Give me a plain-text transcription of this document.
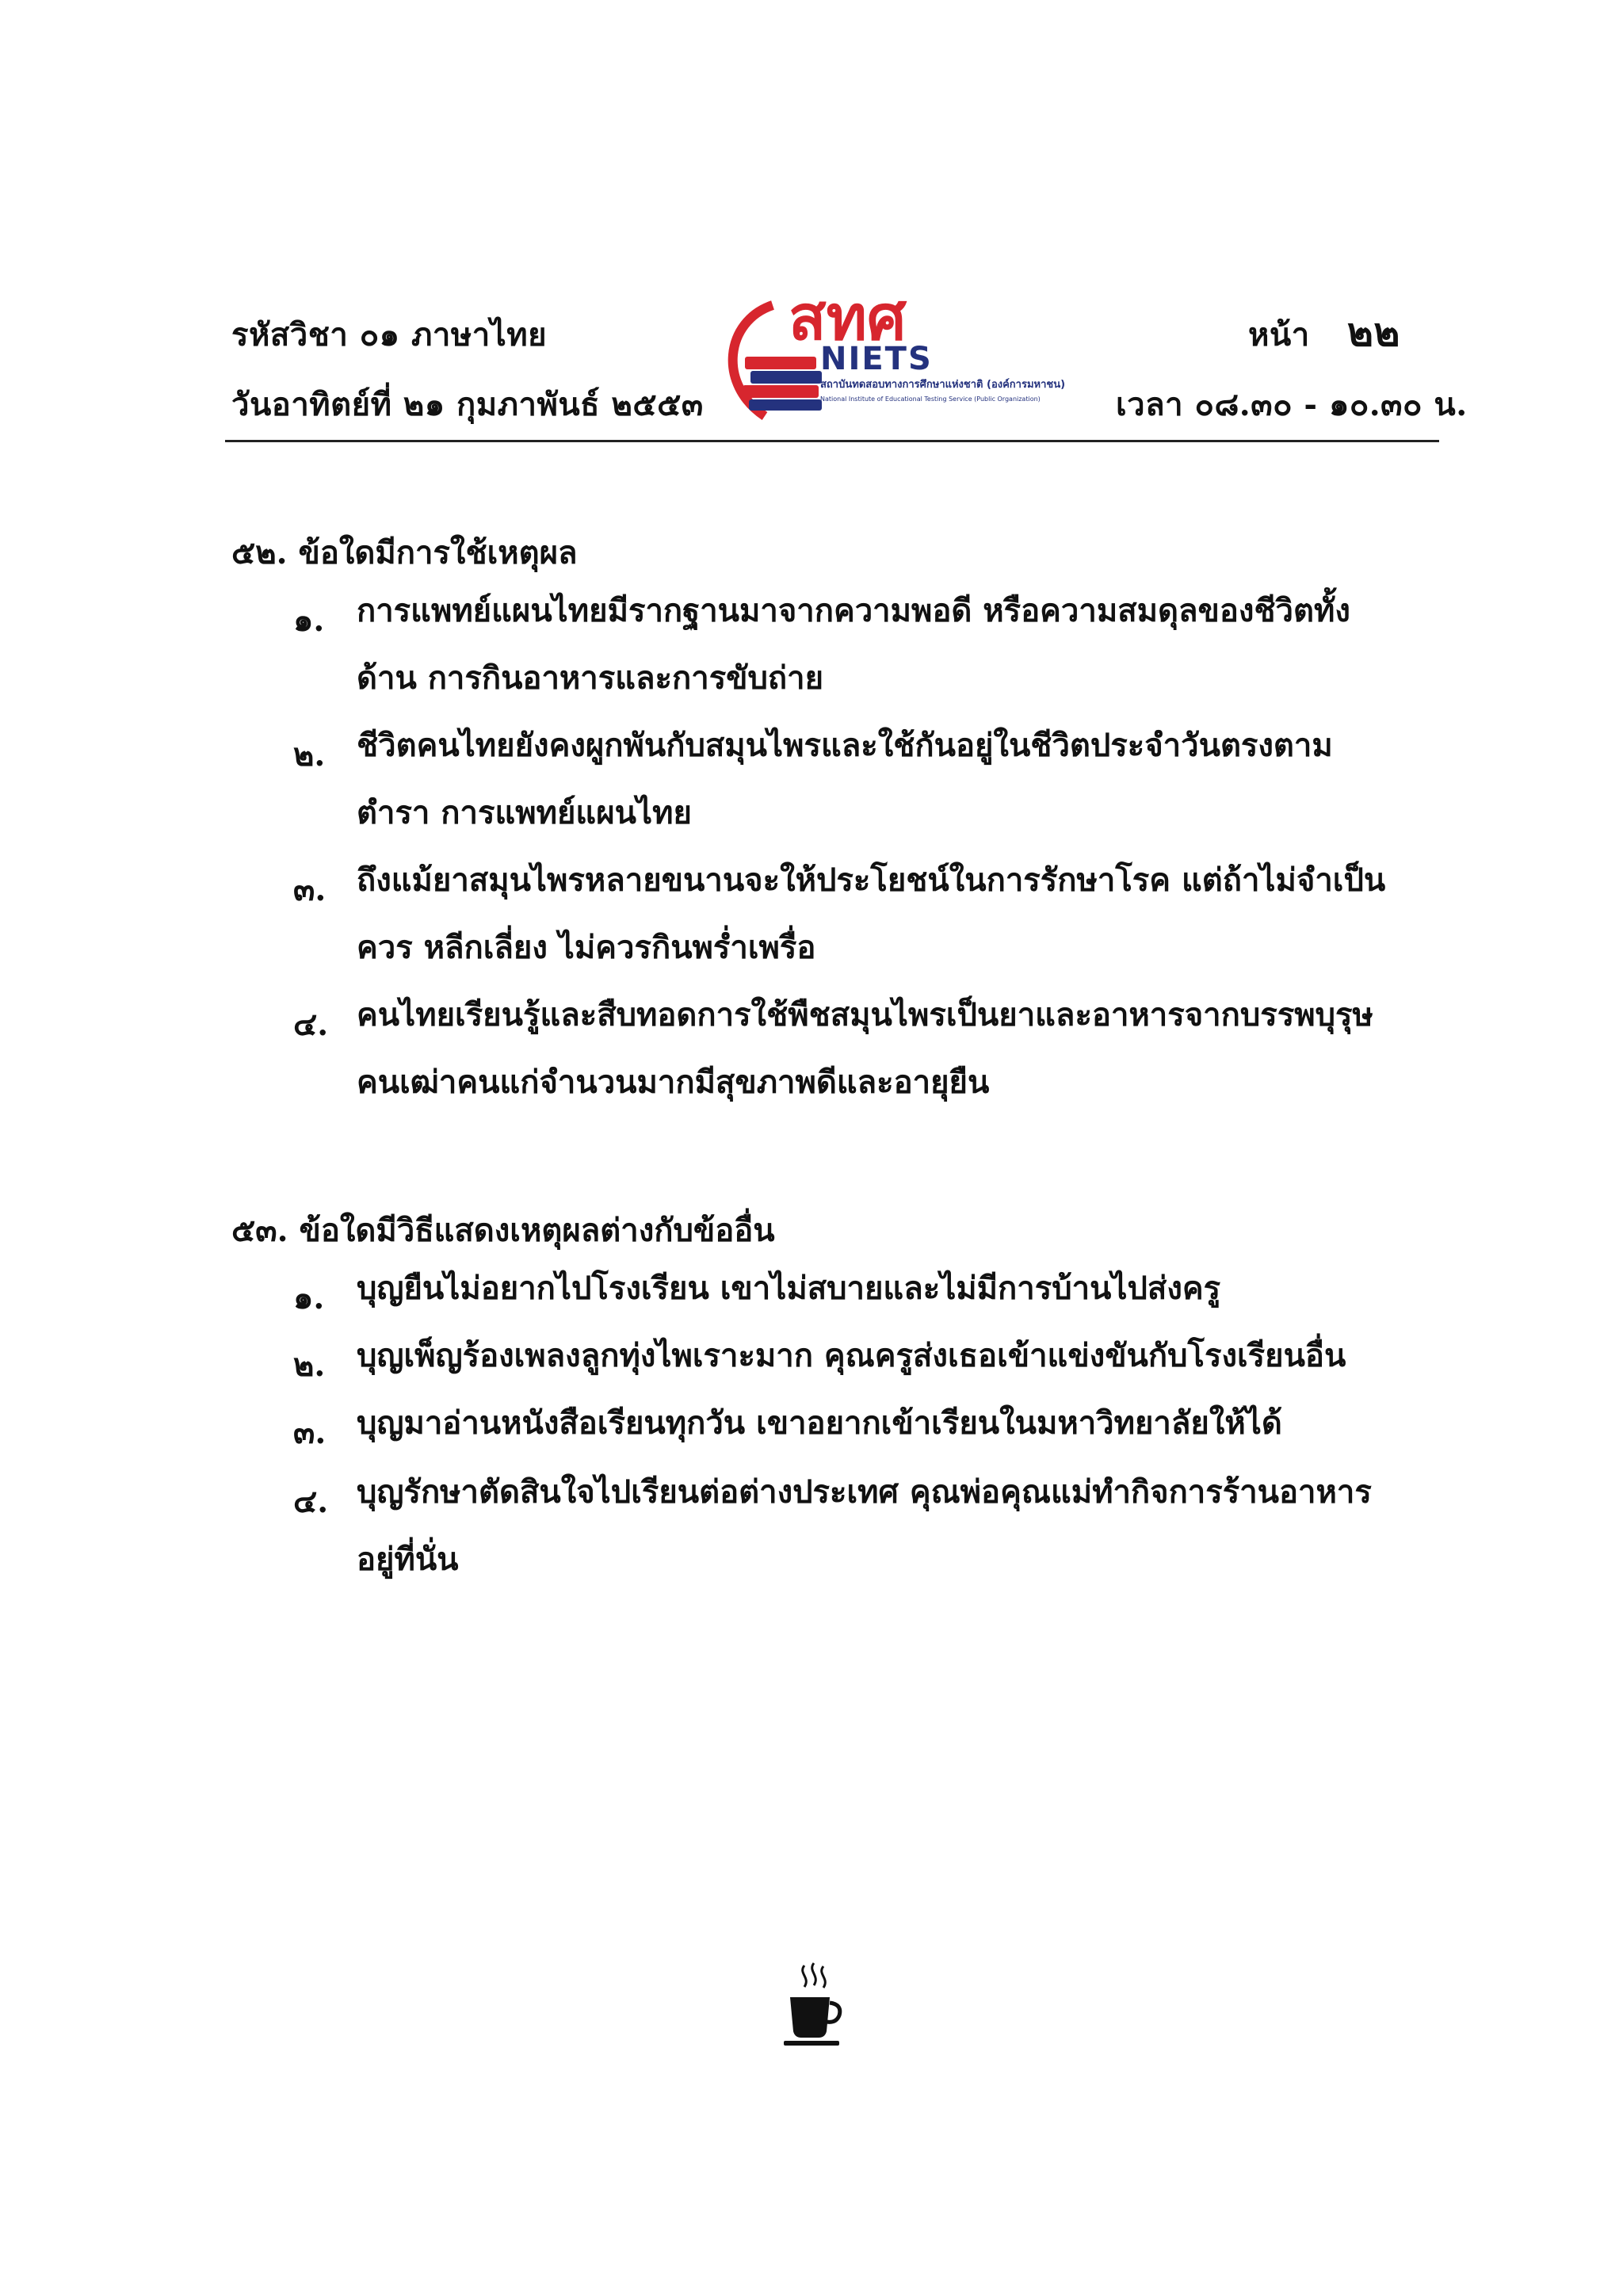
รหัสวิชา ๐๑ ภาษาไทย
วันอาทิตย์ที่ ๒๑ กุมภาพันธ์ ๒๕๕๓
หน้า ๒๒
เวลา ๐๘.๓๐ - ๑๐.๓๐ น.
สทศ
NIETS
สถาบันทดสอบทางการศึกษาแห่งชาติ (องค์การมหาชน)
National Institute of Educational Testing Service (Public Organization)
๕๒. ข้อใดมีการใช้เหตุผล
๑. การแพทย์แผนไทยมีรากฐานมาจากความพอดี หรือความสมดุลของชีวิตทั้งด้าน การกินอาหารและการขับถ่าย
๒. ชีวิตคนไทยยังคงผูกพันกับสมุนไพรและใช้กันอยู่ในชีวิตประจำวันตรงตามตำรา การแพทย์แผนไทย
๓. ถึงแม้ยาสมุนไพรหลายขนานจะให้ประโยชน์ในการรักษาโรค แต่ถ้าไม่จำเป็นควร หลีกเลี่ยง ไม่ควรกินพร่ำเพรื่อ
๔. คนไทยเรียนรู้และสืบทอดการใช้พืชสมุนไพรเป็นยาและอาหารจากบรรพบุรุษ คนเฒ่าคนแก่จำนวนมากมีสุขภาพดีและอายุยืน
๕๓. ข้อใดมีวิธีแสดงเหตุผลต่างกับข้ออื่น
๑. บุญยืนไม่อยากไปโรงเรียน เขาไม่สบายและไม่มีการบ้านไปส่งครู
๒. บุญเพ็ญร้องเพลงลูกทุ่งไพเราะมาก คุณครูส่งเธอเข้าแข่งขันกับโรงเรียนอื่น
๓. บุญมาอ่านหนังสือเรียนทุกวัน เขาอยากเข้าเรียนในมหาวิทยาลัยให้ได้
๔. บุญรักษาตัดสินใจไปเรียนต่อต่างประเทศ คุณพ่อคุณแม่ทำกิจการร้านอาหาร อยู่ที่นั่น
